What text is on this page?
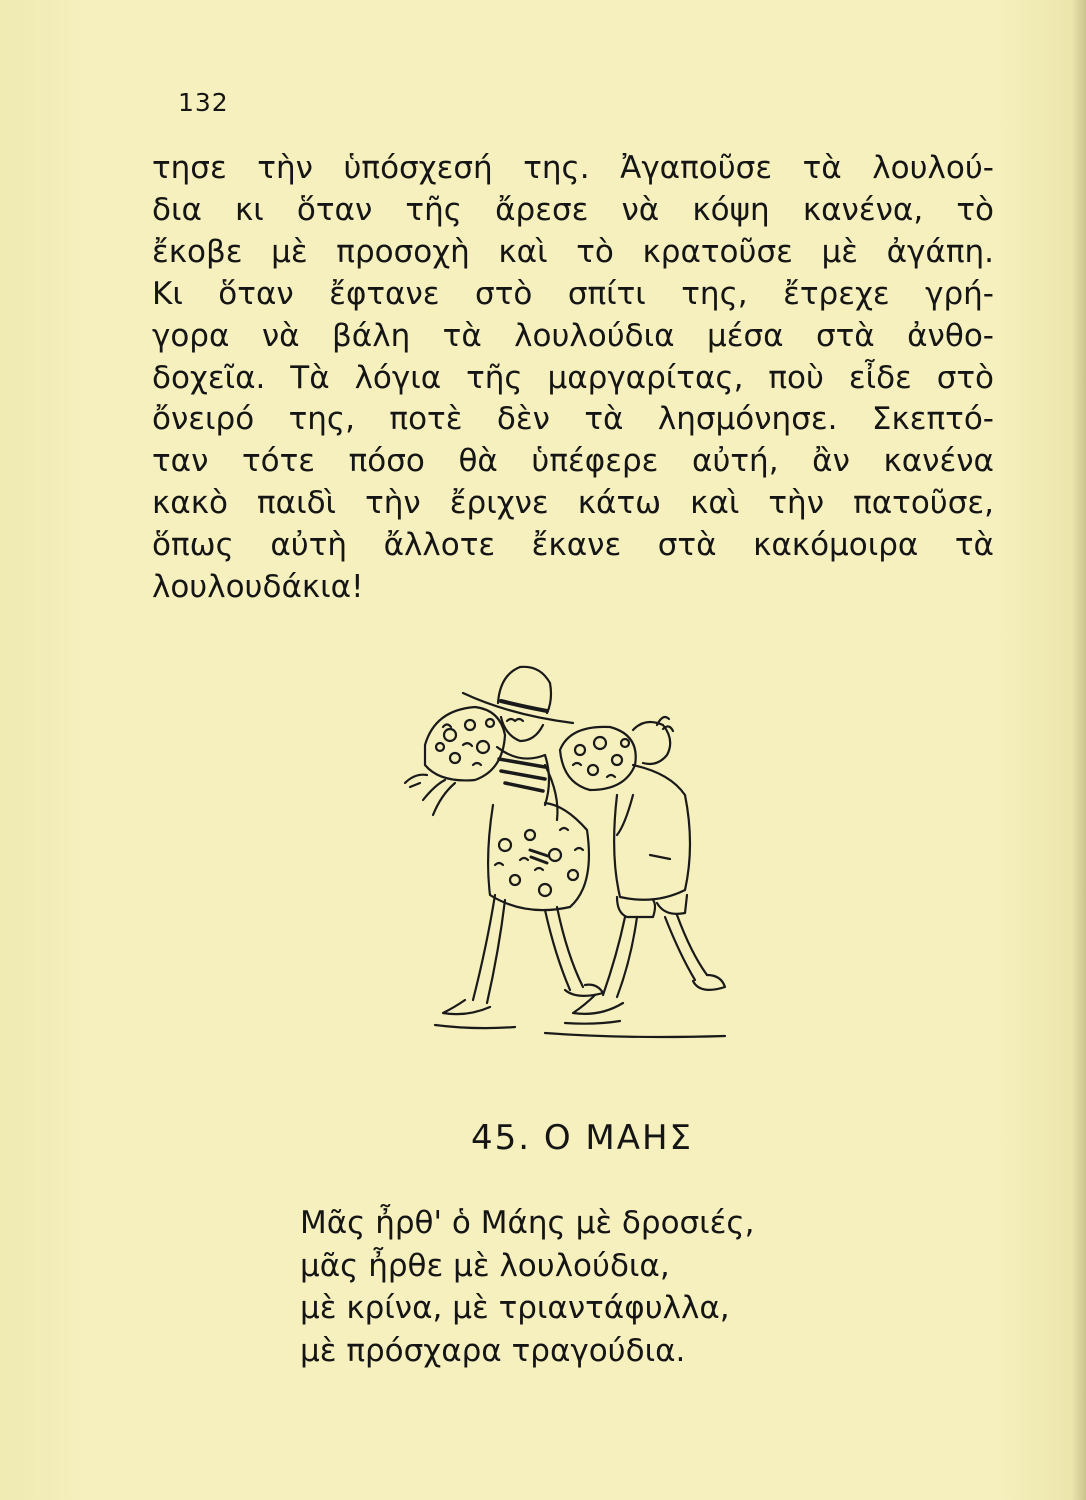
132
τησε τὴν ὑπόσχεσή της. Ἀγαποῦσε τὰ λουλού-
δια κι ὅταν τῆς ἄρεσε νὰ κόψη κανένα, τὸ
ἔκοβε μὲ προσοχὴ καὶ τὸ κρατοῦσε μὲ ἀγάπη.
Κι ὅταν ἔφτανε στὸ σπίτι της, ἔτρεχε γρή-
γορα νὰ βάλη τὰ λουλούδια μέσα στὰ ἀνθο-
δοχεῖα. Τὰ λόγια τῆς μαργαρίτας, ποὺ εἶδε στὸ
ὄνειρό της, ποτὲ δὲν τὰ λησμόνησε. Σκεπτό-
ταν τότε πόσο θὰ ὑπέφερε αὐτή, ἂν κανένα
κακὸ παιδὶ τὴν ἔριχνε κάτω καὶ τὴν πατοῦσε,
ὅπως αὐτὴ ἄλλοτε ἔκανε στὰ κακόμοιρα τὰ
λουλουδάκια!
45. Ο ΜΑΗΣ
Μᾶς ἦρθ' ὁ Μάης μὲ δροσιές,
μᾶς ἦρθε μὲ λουλούδια,
μὲ κρίνα, μὲ τριαντάφυλλα,
μὲ πρόσχαρα τραγούδια.
